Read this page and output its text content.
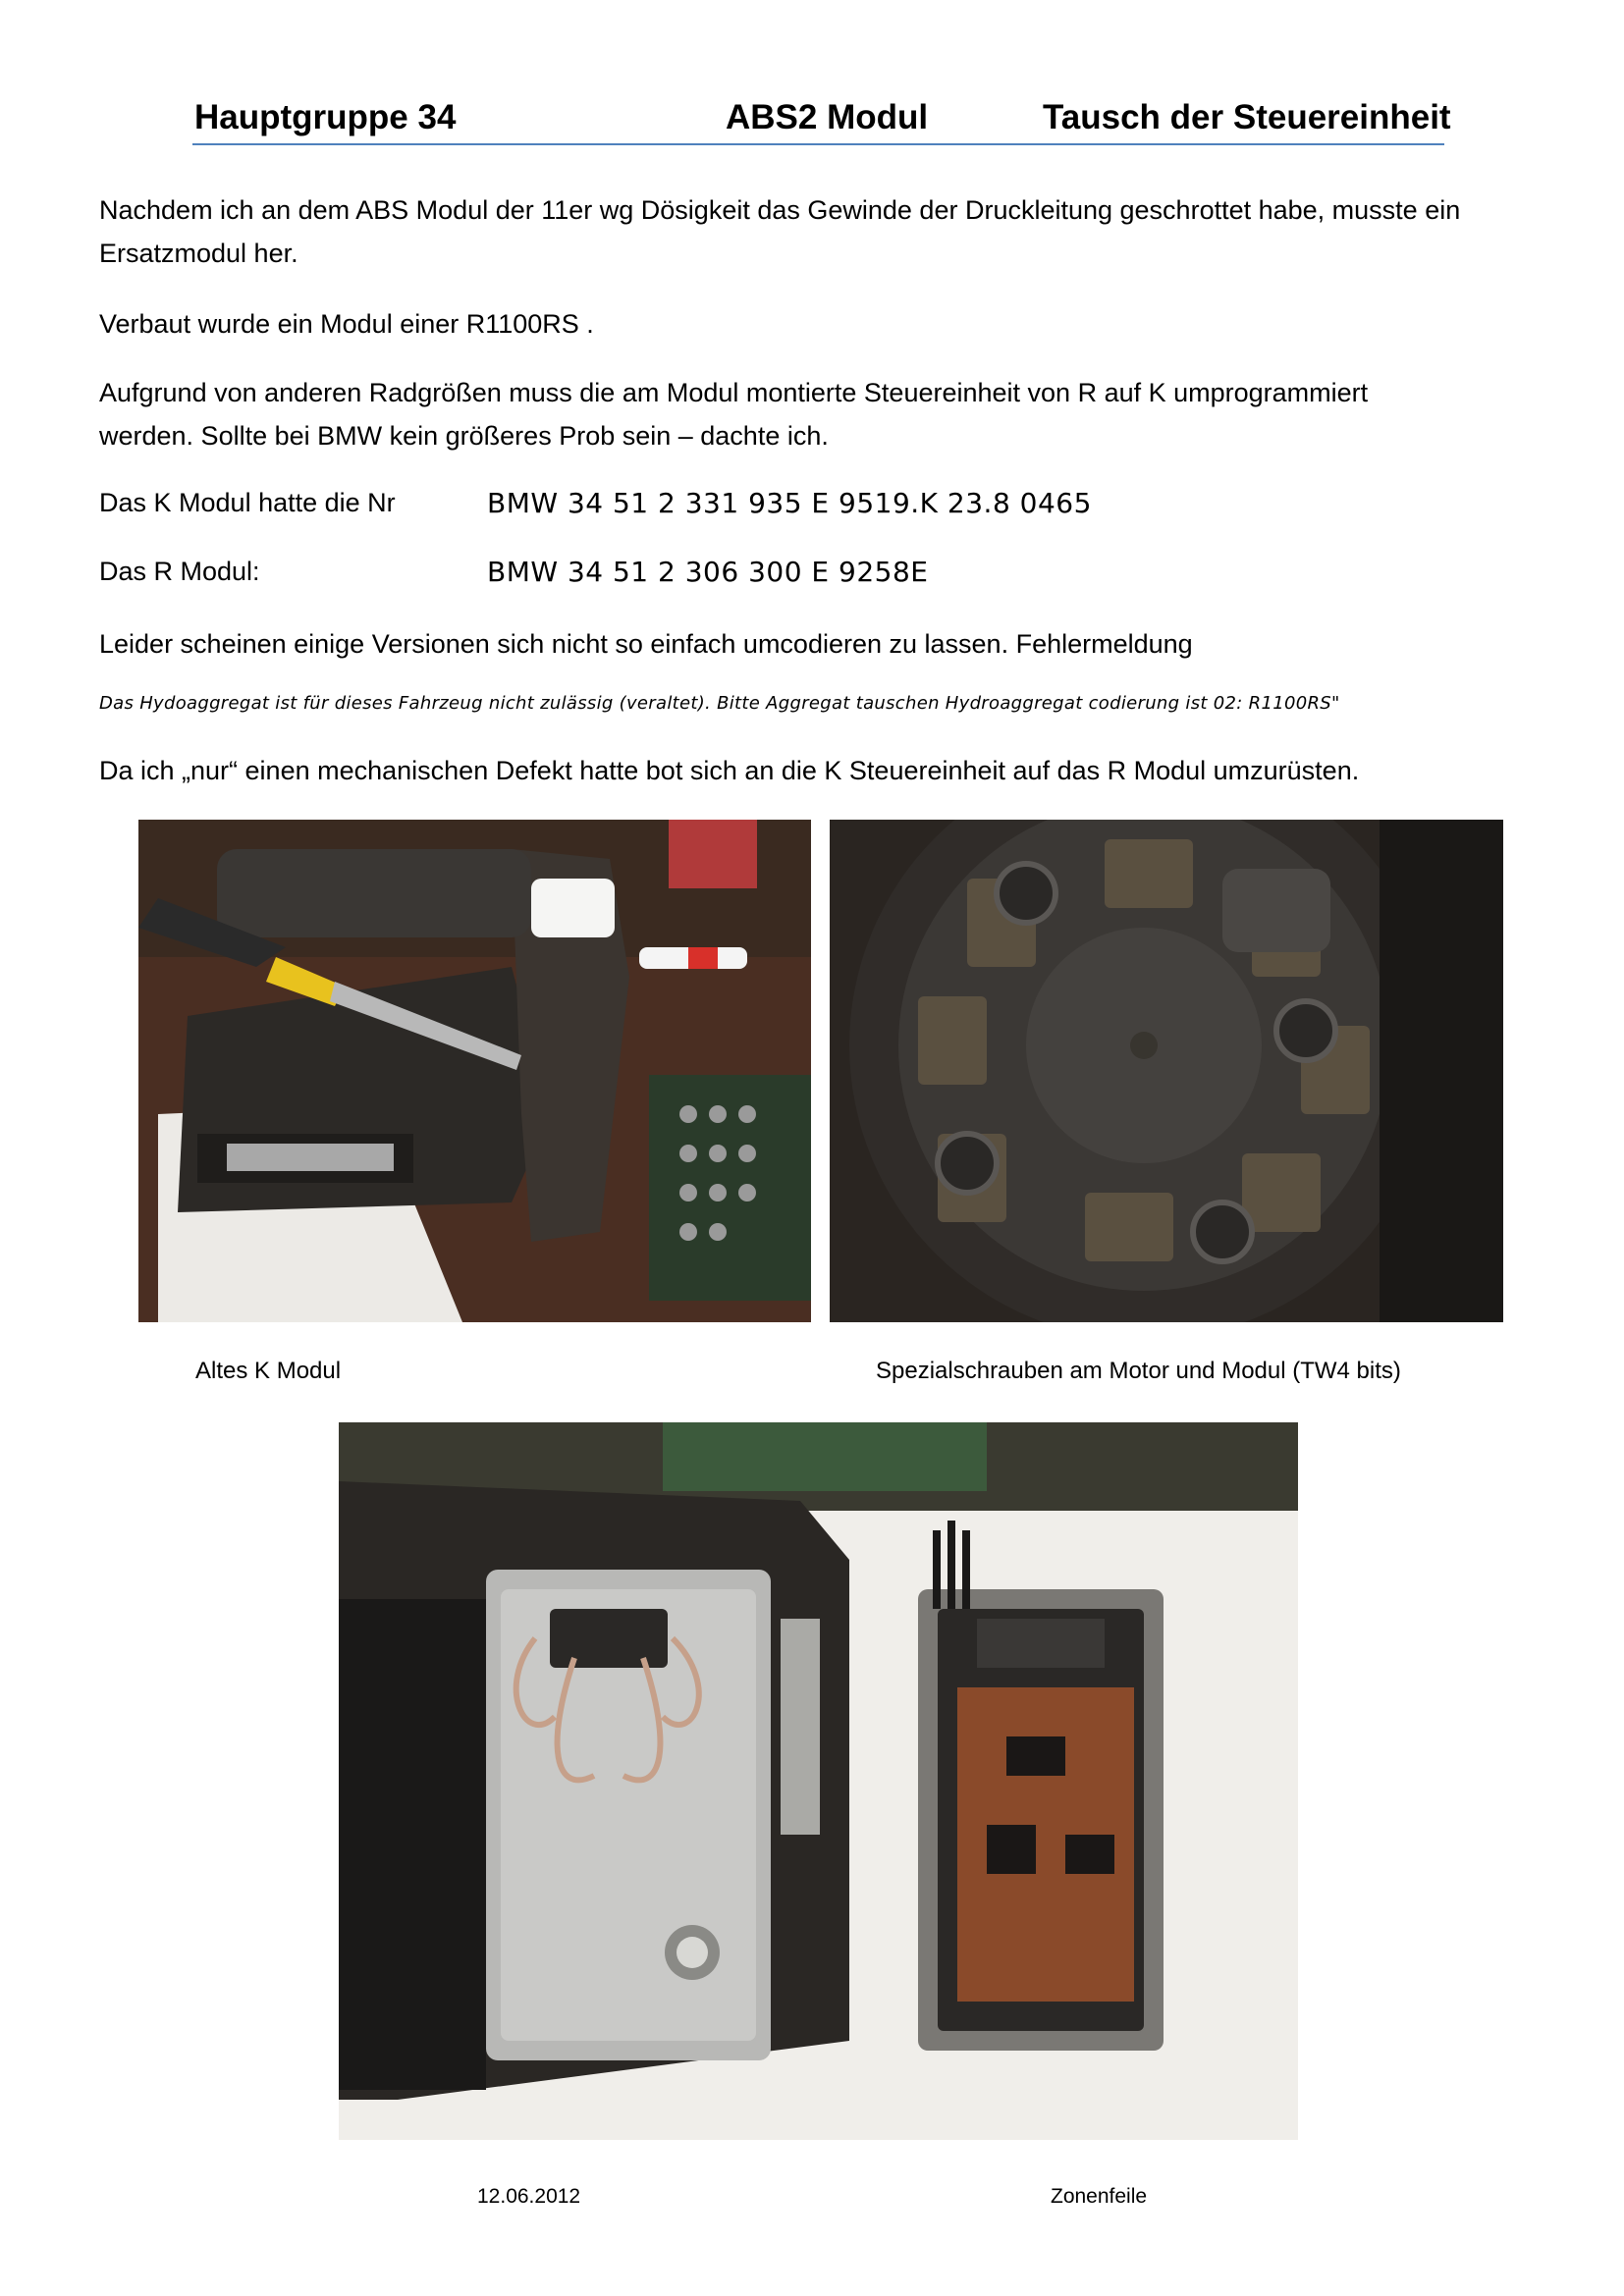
Hauptgruppe 34	ABS2 Modul	Tausch der Steuereinheit
Nachdem ich an dem ABS Modul der 11er wg Dösigkeit das Gewinde der Druckleitung geschrottet habe, musste ein
Ersatzmodul her.
Verbaut wurde ein Modul einer R1100RS .
Aufgrund von anderen Radgrößen muss die am Modul montierte Steuereinheit von R auf K umprogrammiert
werden. Sollte bei BMW kein größeres Prob sein – dachte ich.
Das K Modul hatte die Nr	BMW 34 51 2 331 935 E 9519.K 23.8 0465
Das R Modul:	BMW 34 51 2 306 300 E 9258E
Leider scheinen einige Versionen sich nicht so einfach umcodieren zu lassen. Fehlermeldung
Das Hydoaggregat ist für dieses Fahrzeug nicht zulässig (veraltet). Bitte Aggregat tauschen Hydroaggregat codierung ist 02: R1100RS"
Da ich „nur“ einen mechanischen Defekt hatte bot sich an die K Steuereinheit auf das R Modul umzurüsten.
Altes K Modul	Spezialschrauben am Motor und Modul (TW4 bits)
12.06.2012	Zonenfeile
